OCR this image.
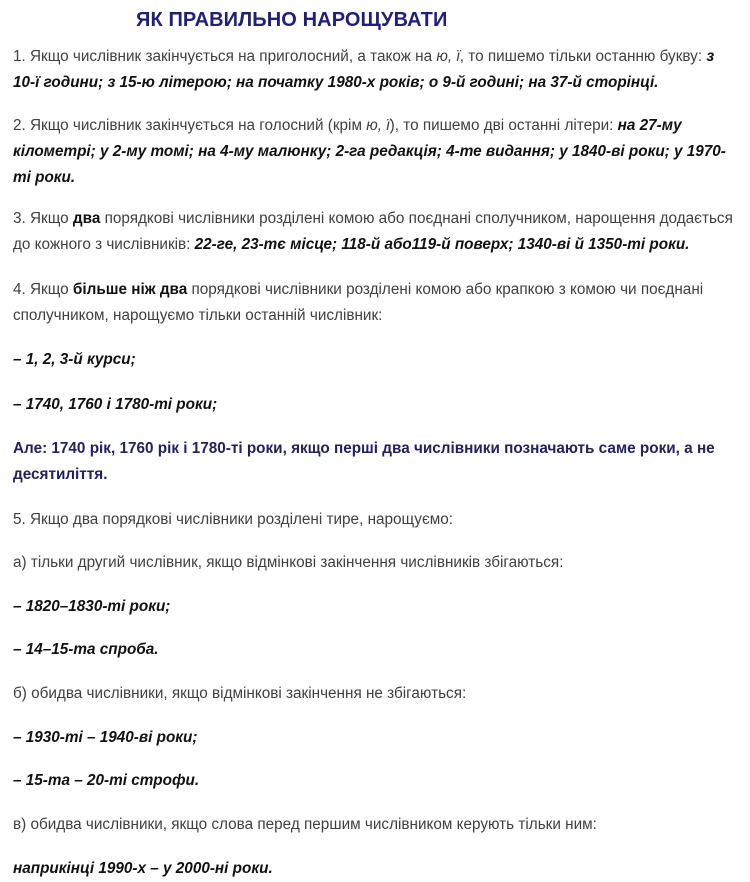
ЯК ПРАВИЛЬНО НАРОЩУВАТИ

1. Якщо числівник закінчується на приголосний, а також на ю, ї, то пишемо тільки останню букву: з 10-ї години; з 15-ю літерою; на початку 1980-х років; о 9-й годині; на 37-й сторінці.

2. Якщо числівник закінчується на голосний (крім ю, ї), то пишемо дві останні літери: на 27-му кілометрі; у 2-му томі; на 4-му малюнку; 2-га редакція; 4-те видання; у 1840-ві роки; у 1970-ті роки.

3. Якщо два порядкові числівники розділені комою або поєднані сполучником, нарощення додається до кожного з числівників: 22-ге, 23-тє місце; 118-й або119-й поверх; 1340-ві й 1350-ті роки.

4. Якщо більше ніж два порядкові числівники розділені комою або крапкою з комою чи поєднані сполучником, нарощуємо тільки останній числівник:

– 1, 2, 3-й курси;

– 1740, 1760 і 1780-ті роки;

Але: 1740 рік, 1760 рік і 1780-ті роки, якщо перші два числівники позначають саме роки, а не десятиліття.

5. Якщо два порядкові числівники розділені тире, нарощуємо:

а) тільки другий числівник, якщо відмінкові закінчення числівників збігаються:

– 1820–1830-ті роки;

– 14–15-та спроба.

б) обидва числівники, якщо відмінкові закінчення не збігаються:

– 1930-ті – 1940-ві роки;

– 15-та – 20-ті строфи.

в) обидва числівники, якщо слова перед першим числівником керують тільки ним:

наприкінці 1990-х – у 2000-ні роки.
